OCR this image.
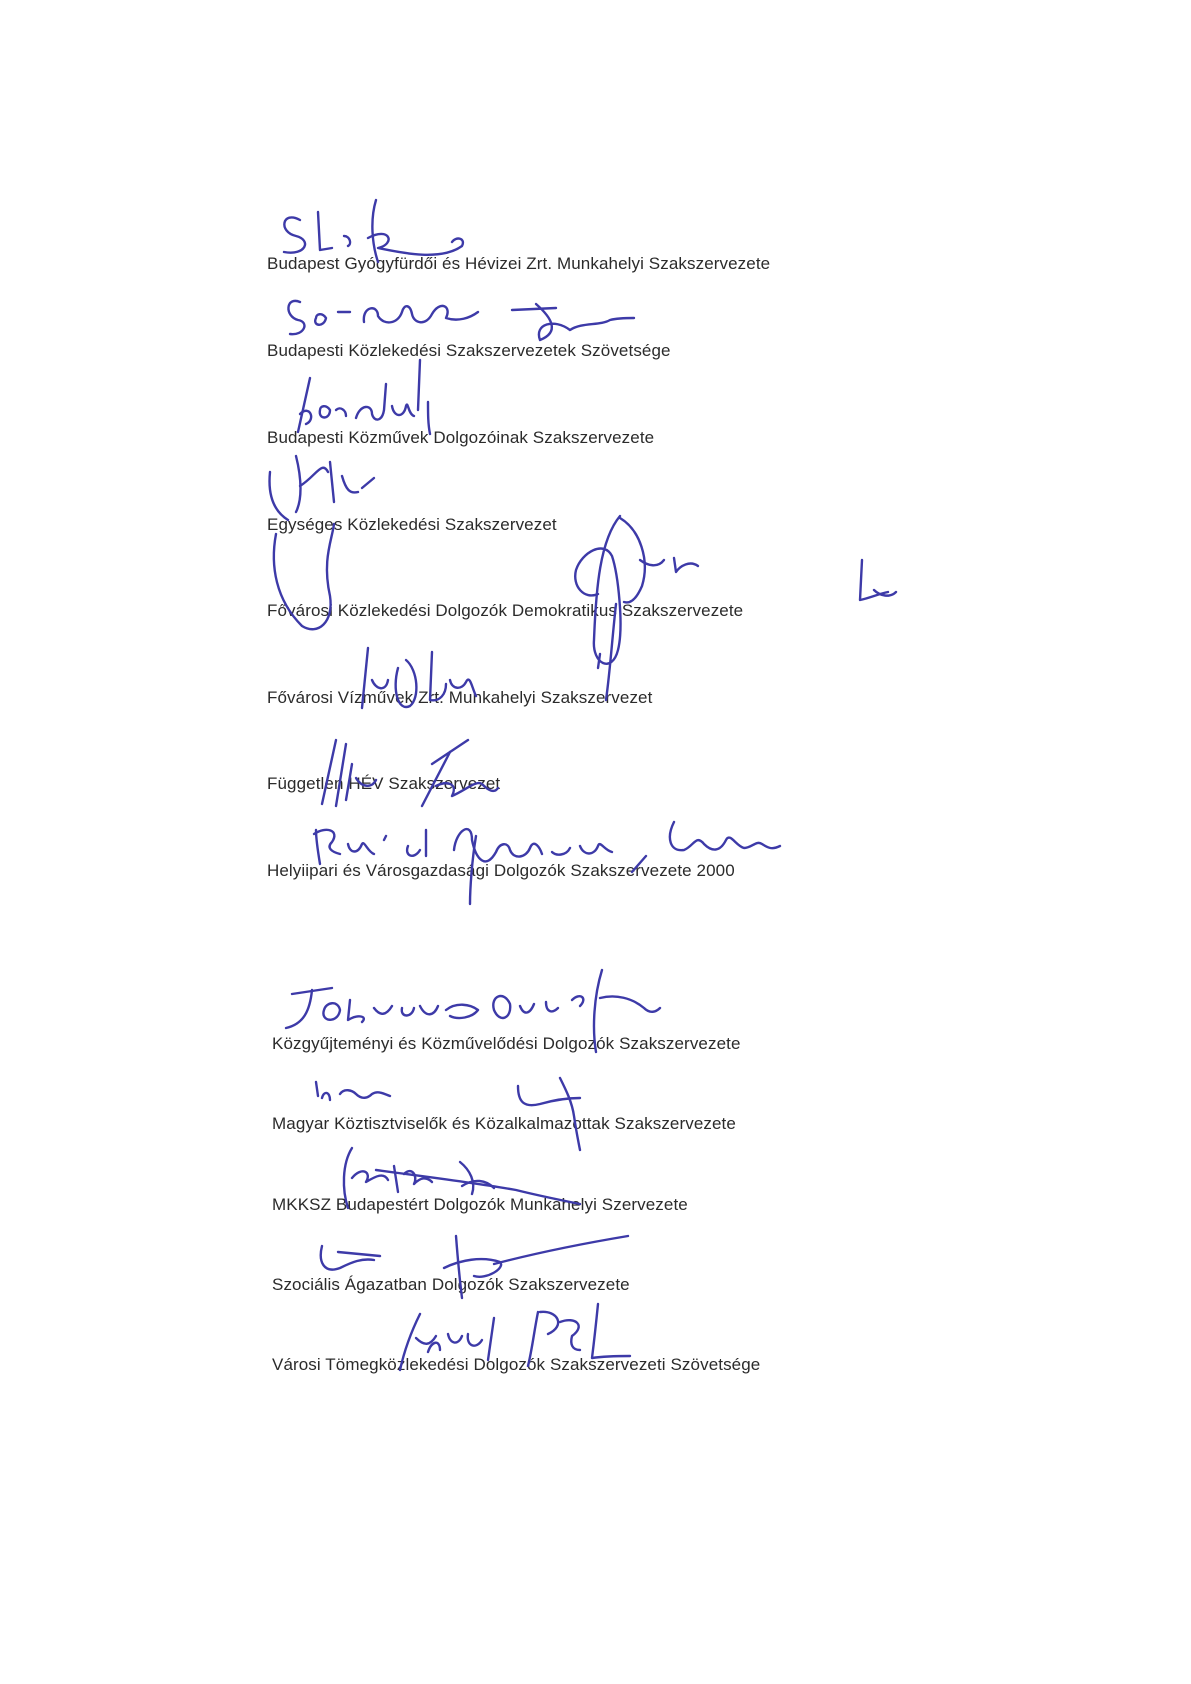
Budapest Gyógyfürdői és Hévizei Zrt. Munkahelyi Szakszervezete
Budapesti Közlekedési Szakszervezetek Szövetsége
Budapesti Közművek Dolgozóinak Szakszervezete
Egységes Közlekedési Szakszervezet
Fővárosi Közlekedési Dolgozók Demokratikus Szakszervezete
Fővárosi Vízművek Zrt. Munkahelyi Szakszervezet
Független HÉV Szakszervezet
Helyiipari és Városgazdasági Dolgozók Szakszervezete 2000
Közgyűjteményi és Közművelődési Dolgozók Szakszervezete
Magyar Köztisztviselők és Közalkalmazottak Szakszervezete
MKKSZ Budapestért Dolgozók Munkahelyi Szervezete
Szociális Ágazatban Dolgozók Szakszervezete
Városi Tömegközlekedési Dolgozók Szakszervezeti Szövetsége
